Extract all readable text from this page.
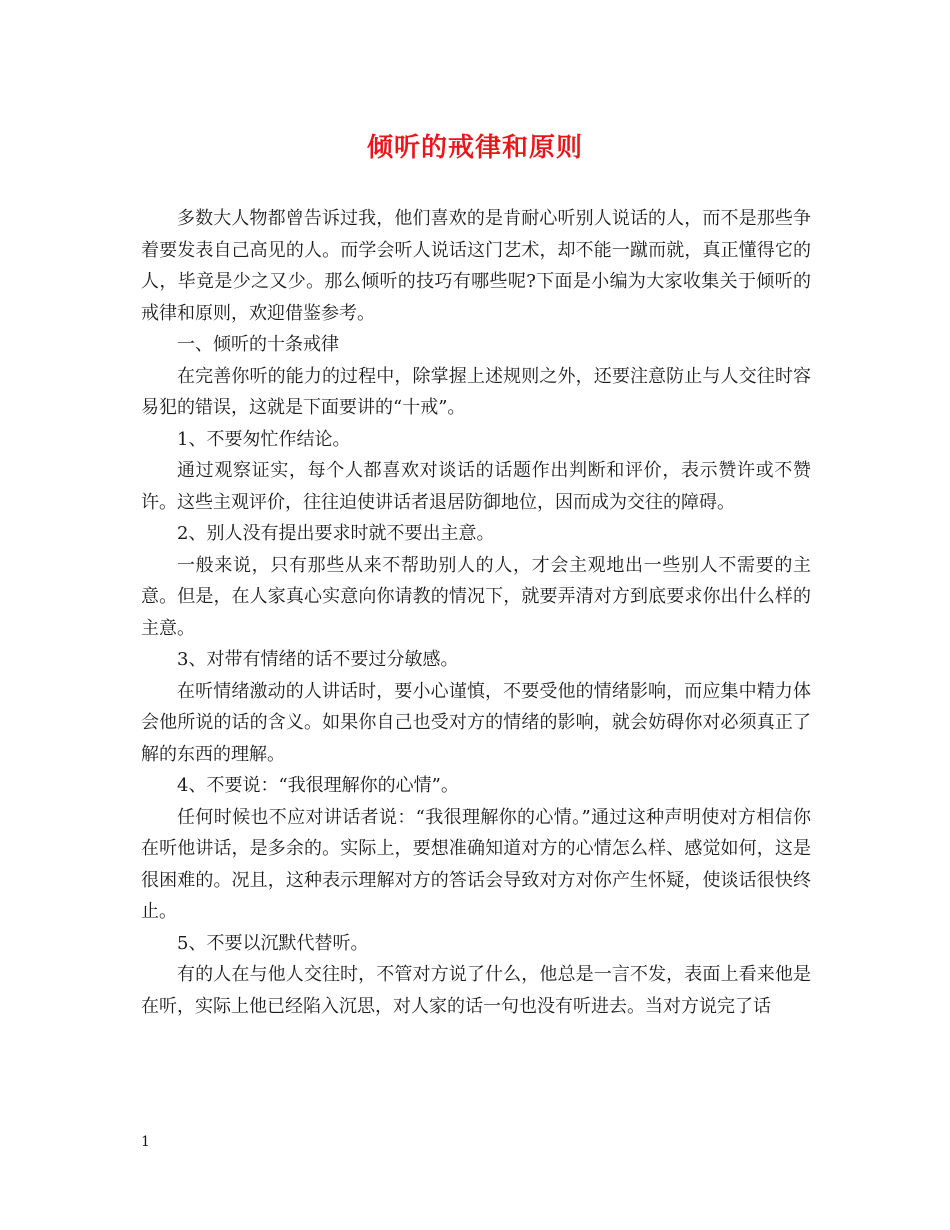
倾听的戒律和原则

多数大人物都曾告诉过我，他们喜欢的是肯耐心听别人说话的人，而不是那些争着要发表自己高见的人。而学会听人说话这门艺术，却不能一蹴而就，真正懂得它的人，毕竟是少之又少。那么倾听的技巧有哪些呢?下面是小编为大家收集关于倾听的戒律和原则，欢迎借鉴参考。

一、倾听的十条戒律

在完善你听的能力的过程中，除掌握上述规则之外，还要注意防止与人交往时容易犯的错误，这就是下面要讲的“十戒”。

1、不要匆忙作结论。

通过观察证实，每个人都喜欢对谈话的话题作出判断和评价，表示赞许或不赞许。这些主观评价，往往迫使讲话者退居防御地位，因而成为交往的障碍。

2、别人没有提出要求时就不要出主意。

一般来说，只有那些从来不帮助别人的人，才会主观地出一些别人不需要的主意。但是，在人家真心实意向你请教的情况下，就要弄清对方到底要求你出什么样的主意。

3、对带有情绪的话不要过分敏感。

在听情绪激动的人讲话时，要小心谨慎，不要受他的情绪影响，而应集中精力体会他所说的话的含义。如果你自己也受对方的情绪的影响，就会妨碍你对必须真正了解的东西的理解。

4、不要说：“我很理解你的心情”。

任何时候也不应对讲话者说：“我很理解你的心情。”通过这种声明使对方相信你在听他讲话，是多余的。实际上，要想准确知道对方的心情怎么样、感觉如何，这是很困难的。况且，这种表示理解对方的答话会导致对方对你产生怀疑，使谈话很快终止。

5、不要以沉默代替听。

有的人在与他人交往时，不管对方说了什么，他总是一言不发，表面上看来他是在听，实际上他已经陷入沉思，对人家的话一句也没有听进去。当对方说完了话

1
